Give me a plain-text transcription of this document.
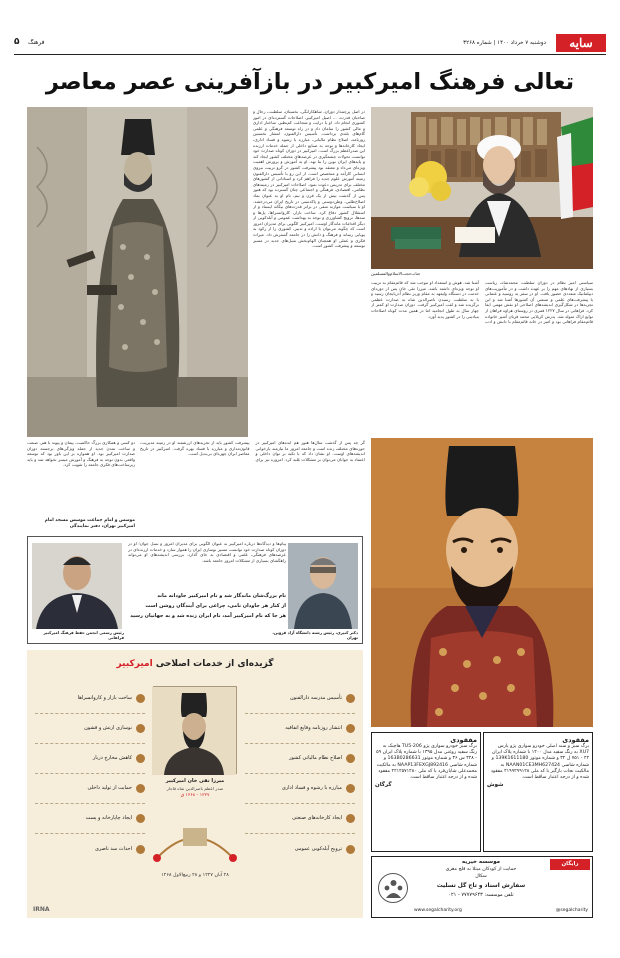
سایه
دوشنبه ۷ خرداد ۱۴۰۰ | شماره ۳۲۶۸
فرهنگ
۵
تعالی فرهنگ امیرکبیر در بازآفرینی عصر معاصر
جناب‌حجت‌الاسلام‌والمسلمین
در اصل پرچمدار دوران، شاهکارانگی، نخستان، سلطنت، رجال و صاحبان قدرت، ... اصیل امیرکبیر، اصلاحات گسترده‌ای در امور کشوری انجام داد. او با درایت و شجاعت کم‌نظیر، ساختار اداری و مالی کشور را سامان داد و در راه توسعه فرهنگی و علمی گام‌های بلندی برداشت. تأسیس دارالفنون، انتشار نخستین روزنامه، اصلاح نظام مالیاتی، مبارزه با رشوه و فساد اداری، ایجاد کارخانه‌ها و توجه به صنایع داخلی از جمله خدمات ارزنده این صدراعظم بزرگ است. امیرکبیر در دوران کوتاه صدارت خود توانست تحولات چشمگیری در عرصه‌های مختلف کشور ایجاد کند و پایه‌های ایران نوین را بنا نهد. او به آموزش و پرورش اهمیت ویژه‌ای می‌داد و معتقد بود پیشرفت کشور در گرو تربیت نیروی انسانی کارآمد و متخصص است. از این رو با تأسیس دارالفنون زمینه آموزش علوم جدید را فراهم کرد و استادانی از کشورهای مختلف برای تدریس دعوت نمود. اصلاحات امیرکبیر در زمینه‌های نظامی، اقتصادی، فرهنگی و اجتماعی چنان گسترده بود که هنوز پس از گذشت بیش از یک قرن و نیم، نام او به عنوان نماد اصلاح‌طلبی، وطن‌دوستی و پاکدستی در تاریخ ایران می‌درخشد. او با سیاست موازنه منفی در برابر قدرت‌های بیگانه ایستاد و از استقلال کشور دفاع کرد. ساخت بازار، کاروانسراها، پل‌ها و سدها، ترویج کشاورزی و توجه به بهداشت عمومی و آبله‌کوبی از دیگر اقدامات ماندگار اوست. امیرکبیر الگویی برای مدیران امروز است که چگونه می‌توان با اراده و تدبیر، کشوری را از رکود به پویایی رساند و فرهنگ و دانش را در جامعه گسترش داد. میراث فکری و عملی او همچنان الهام‌بخش نسل‌های جدید در مسیر توسعه و پیشرفت کشور است.
سیاستی امیر نظام در دوران سلطنت محمدشاه، ریاست بسیاری از نهادهای مهم را بر عهده داشت و در مأموریت‌های دیپلماتیک متعددی حضور یافت. او در سفر به روسیه و عثمانی با پیشرفت‌های علمی و صنعتی آن کشورها آشنا شد و این تجربه‌ها در شکل‌گیری اندیشه‌های اصلاحی او نقش مهمی ایفا کرد. فراهانی در سال ۱۲۲۷ قمری در روستای هزاوه فراهان از توابع اراک متولد شد. پدرش کربلایی محمد قربان آشپز خانواده قائم‌مقام فراهانی بود و امیر در خانه قائم‌مقام با دانش و ادب آشنا شد. هوش و استعداد او موجب شد که قائم‌مقام به تربیت او توجه ویژه‌ای داشته باشد. میرزا تقی خان پس از دوره‌ای خدمت در دستگاه ولیعهد به مقام وزیر نظام آذربایجان رسید و با به سلطنت رسیدن ناصرالدین شاه به صدارت عظمی برگزیده شد و لقب امیرکبیر گرفت. دوران صدارت او کمتر از چهار سال به طول انجامید اما در همین مدت کوتاه اصلاحات بنیادینی را در کشور پدید آورد.
گر چه پس از گذشت سال‌ها هنوز هم ایده‌های امیرکبیر در حوزه‌های مختلف زنده است و جامعه امروز ما نیازمند بازخوانی اندیشه‌های اوست. او نشان داد که با تکیه بر توان داخلی و اعتماد به جوانان می‌توان بر مشکلات غلبه کرد. امروزه نیز برای پیشرفت کشور باید از تجربه‌های ارزشمند او در زمینه مدیریت، قانون‌مداری و مبارزه با فساد بهره گرفت. امیرکبیر در تاریخ معاصر ایران چهره‌ای بی‌بدیل است.
دو کسی و همکاری بزرگ حاکمیت، پیمان و پیوند با هنر، صنعت و ساخت تمدن جدید از جمله ویژگی‌های برجسته دوران صدارت امیرکبیر بود. او همواره بر این باور بود که توسعه واقعی بدون توجه به فرهنگ و آموزش میسر نخواهد شد و باید زیرساخت‌های فکری جامعه را تقویت کرد.
موسس و امام جماعت موسس مسجد امام امیرکبیر تهران، دفتر نمایندگی
دکتر کبیری، رئیس رشته دانشگاه آزاد قزوین، تهران
رئیس رسمی انجمن حفظ فرهنگ امیرکبیر فراهانی
پیام‌ها و دیدگاه‌ها درباره امیرکبیر به عنوان الگویی برای مدیران امروز و نسل جوان؛ او در دوران کوتاه صدارت خود توانست مسیر نوسازی ایران را هموار سازد و خدمات ارزنده‌ای در عرصه‌های فرهنگی، علمی و اقتصادی به جای گذارد. بررسی اندیشه‌های او می‌تواند راهگشای بسیاری از مشکلات امروز جامعه باشد.
نام بزرگ‌شان ماندگار شد و نام امیرکبیر جاودانه ماند
از کنار هر جاودان نامی، چراغی برای آیندگان روشن است
هر جا که نام امیرکبیر آمد، نام ایران زنده شد و به جهانیان رسید
گزیده‌ای از خدمات اصلاحی امیرکبیر
میرزا تقی خان امیرکبیر
صدر اعظم ناصرالدین شاه قاجار
۱۲۲۷ - ۱۲۶۸ ق
تأسیس مدرسه دارالفنون
انتشار روزنامه وقایع اتفاقیه
اصلاح نظام مالیاتی کشور
مبارزه با رشوه و فساد اداری
ایجاد کارخانه‌های صنعتی
ترویج آبله‌کوبی عمومی
ساخت بازار و کاروانسراها
نوسازی ارتش و قشون
کاهش مخارج دربار
حمایت از تولید داخلی
ایجاد چاپارخانه و پست
احداث سد ناصری
۲۸ آبان ۱۲۲۷ و ۲۸ ربیع‌الاول ۱۲۶۸
IRNA
مفقودی
برگ سبز و سند اصلی خودرو سواری پژو پارس XU7 به رنگ سفید مدل ۱۴۰۰ با شماره پلاک ایران ۴۴ - ۷۵۱ ل ۳۲ و شماره موتور 139K1611180 و شماره شاسی NAAN01CE3MH627424 به مالکیت نجات بازگیر با کد ملی ۴۱۹۹۲۹۹۱۲۸ مفقود شده و از درجه اعتبار ساقط است.
شوش
مفقودی
برگ سبز خودرو سواری پژو 206-TU5 هاچبک به رنگ سفید روغنی مدل ۱۳۹۵ با شماره پلاک ایران ۵۹ - ۳۲۸ س ۳۶ و شماره موتور 163B0286631 و شماره شاسی NAAP13FEXGJ892416 به مالکیت محمدعلی شایان‌فرد با کد ملی ۲۲۱۲۵۷۱۲۸۰ مفقود شده و از درجه اعتبار ساقط است.
گرگان
رایگان
موسسه خیریه
حمایت از کودکان مبتلا به فلج مغزی
سکال
سفارش اسناد و تاج گل تسلیت
تلفن موسسه: ۷۷۷۷۹۶۴۳ - ۰۲۱
@segalcharity
www.segalcharity.org
